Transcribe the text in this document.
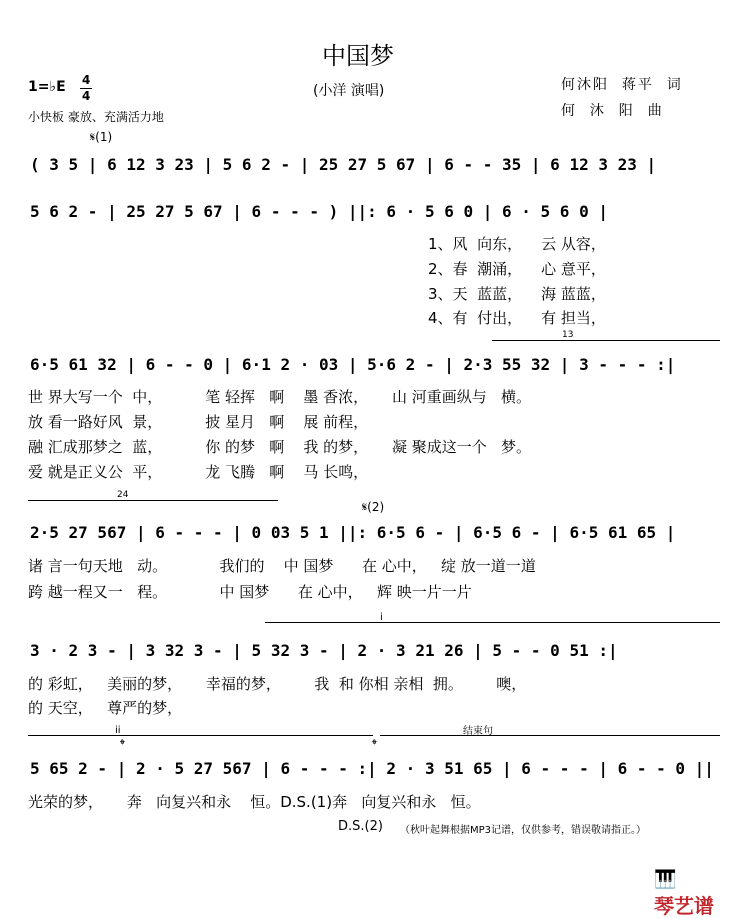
中国梦
(小洋 演唱)	何沐阳  蒋平  词
何  沐  阳  曲
1=♭E 4
4
小快板 豪放、充满活力地
𝄋(1)
( 3 5 | 6 12 3 23 | 5 6 2 - | 25 27 5 67 | 6 - - 35 | 6 12 3 23 |
5 6 2 - | 25 27 5 67 | 6 - - - ) ||: 6 · 5 6 0 | 6 · 5 6 0 |
1、风  向东，    云 从容，
2、春  潮涌，    心 意平，
3、天  蓝蓝，    海 蓝蓝，
4、有  付出，    有 担当，
13
6·5 61 32 | 6 - - 0 | 6·1 2 · 03 | 5·6 2 - | 2·3 55 32 | 3 - - - :|
世 界大写一个  中，         笔 轻挥   啊    墨 香浓，     山 河重画纵与   横。
放 看一路好风  景，         披 星月   啊    展 前程，
融 汇成那梦之  蓝，         你 的梦   啊    我 的梦，     凝 聚成这一个   梦。
爱 就是正义公  平，         龙 飞腾   啊    马 长鸣，
24
𝄋(2)
2·5 27 567 | 6 - - - | 0 03 5 1 ||: 6·5 6 - | 6·5 6 - | 6·5 61 65 |
诸 言一句天地   动。           我们的    中 国梦      在 心中，   绽 放一道一道
跨 越一程又一   程。           中 国梦      在 心中，   辉 映一片一片
i
3 · 2 3 - | 3 32 3 - | 5 32 3 - | 2 · 3 21 26 | 5 - - 0 51 :|
的 彩虹，   美丽的梦，     幸福的梦，       我  和 你相 亲相  拥。       噢，
的 天空，   尊严的梦，
ii	结束句
𝄌	𝄌
5 65 2 - | 2 · 5 27 567 | 6 - - - :| 2 · 3 51 65 | 6 - - - | 6 - - 0 ||
光荣的梦，     奔   向复兴和永    恒。D.S.(1)奔   向复兴和永   恒。
D.S.(2) （秋叶起舞根据MP3记谱，仅供参考，错误敬请指正。）

🎹
琴艺谱
